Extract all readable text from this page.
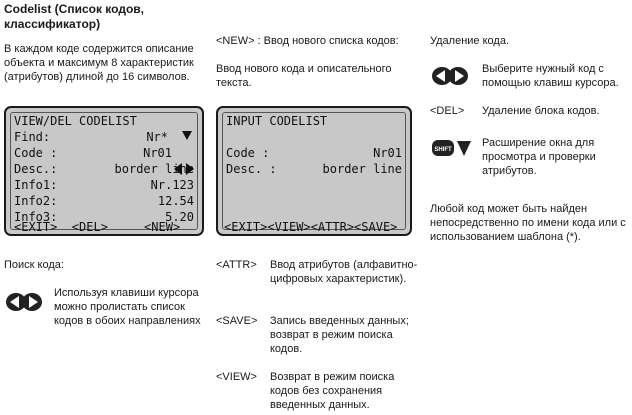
Codelist (Список кодов, классификатор)
В каждом коде содержится описание объекта и максимум 8 характеристик (атрибутов) длиной до 16 символов.

VIEW/DEL CODELIST

Find:

	Nr*

Code :

	Nr01

Desc.:

	border line

Info1:

	Nr.123

Info2:

	12.54

Info3:

	5.20

<EXIT>  <DEL>     <NEW>
Поиск кода:
Используя клавиши курсора можно пролистать список кодов в обоих направлениях
<NEW> : Ввод нового списка кодов:
Ввод нового кода и описательного текста.

INPUT CODELIST

Code :

	Nr01

Desc. :

	border line

<EXIT><VIEW><ATTR><SAVE>
<ATTR> Ввод атрибутов (алфавитно-цифровых характеристик).
<SAVE> Запись введенных данных; возврат в режим поиска кодов.
<VIEW> Возврат в режим поиска кодов без сохранения введенных данных.
Удаление кода.
Выберите нужный код с помощью клавиш курсора.
<DEL> Удаление блока кодов.
SHIFT
Расширение окна для просмотра и проверки атрибутов.
Любой код может быть найден непосредственно по имени кода или с использованием шаблона (*).
